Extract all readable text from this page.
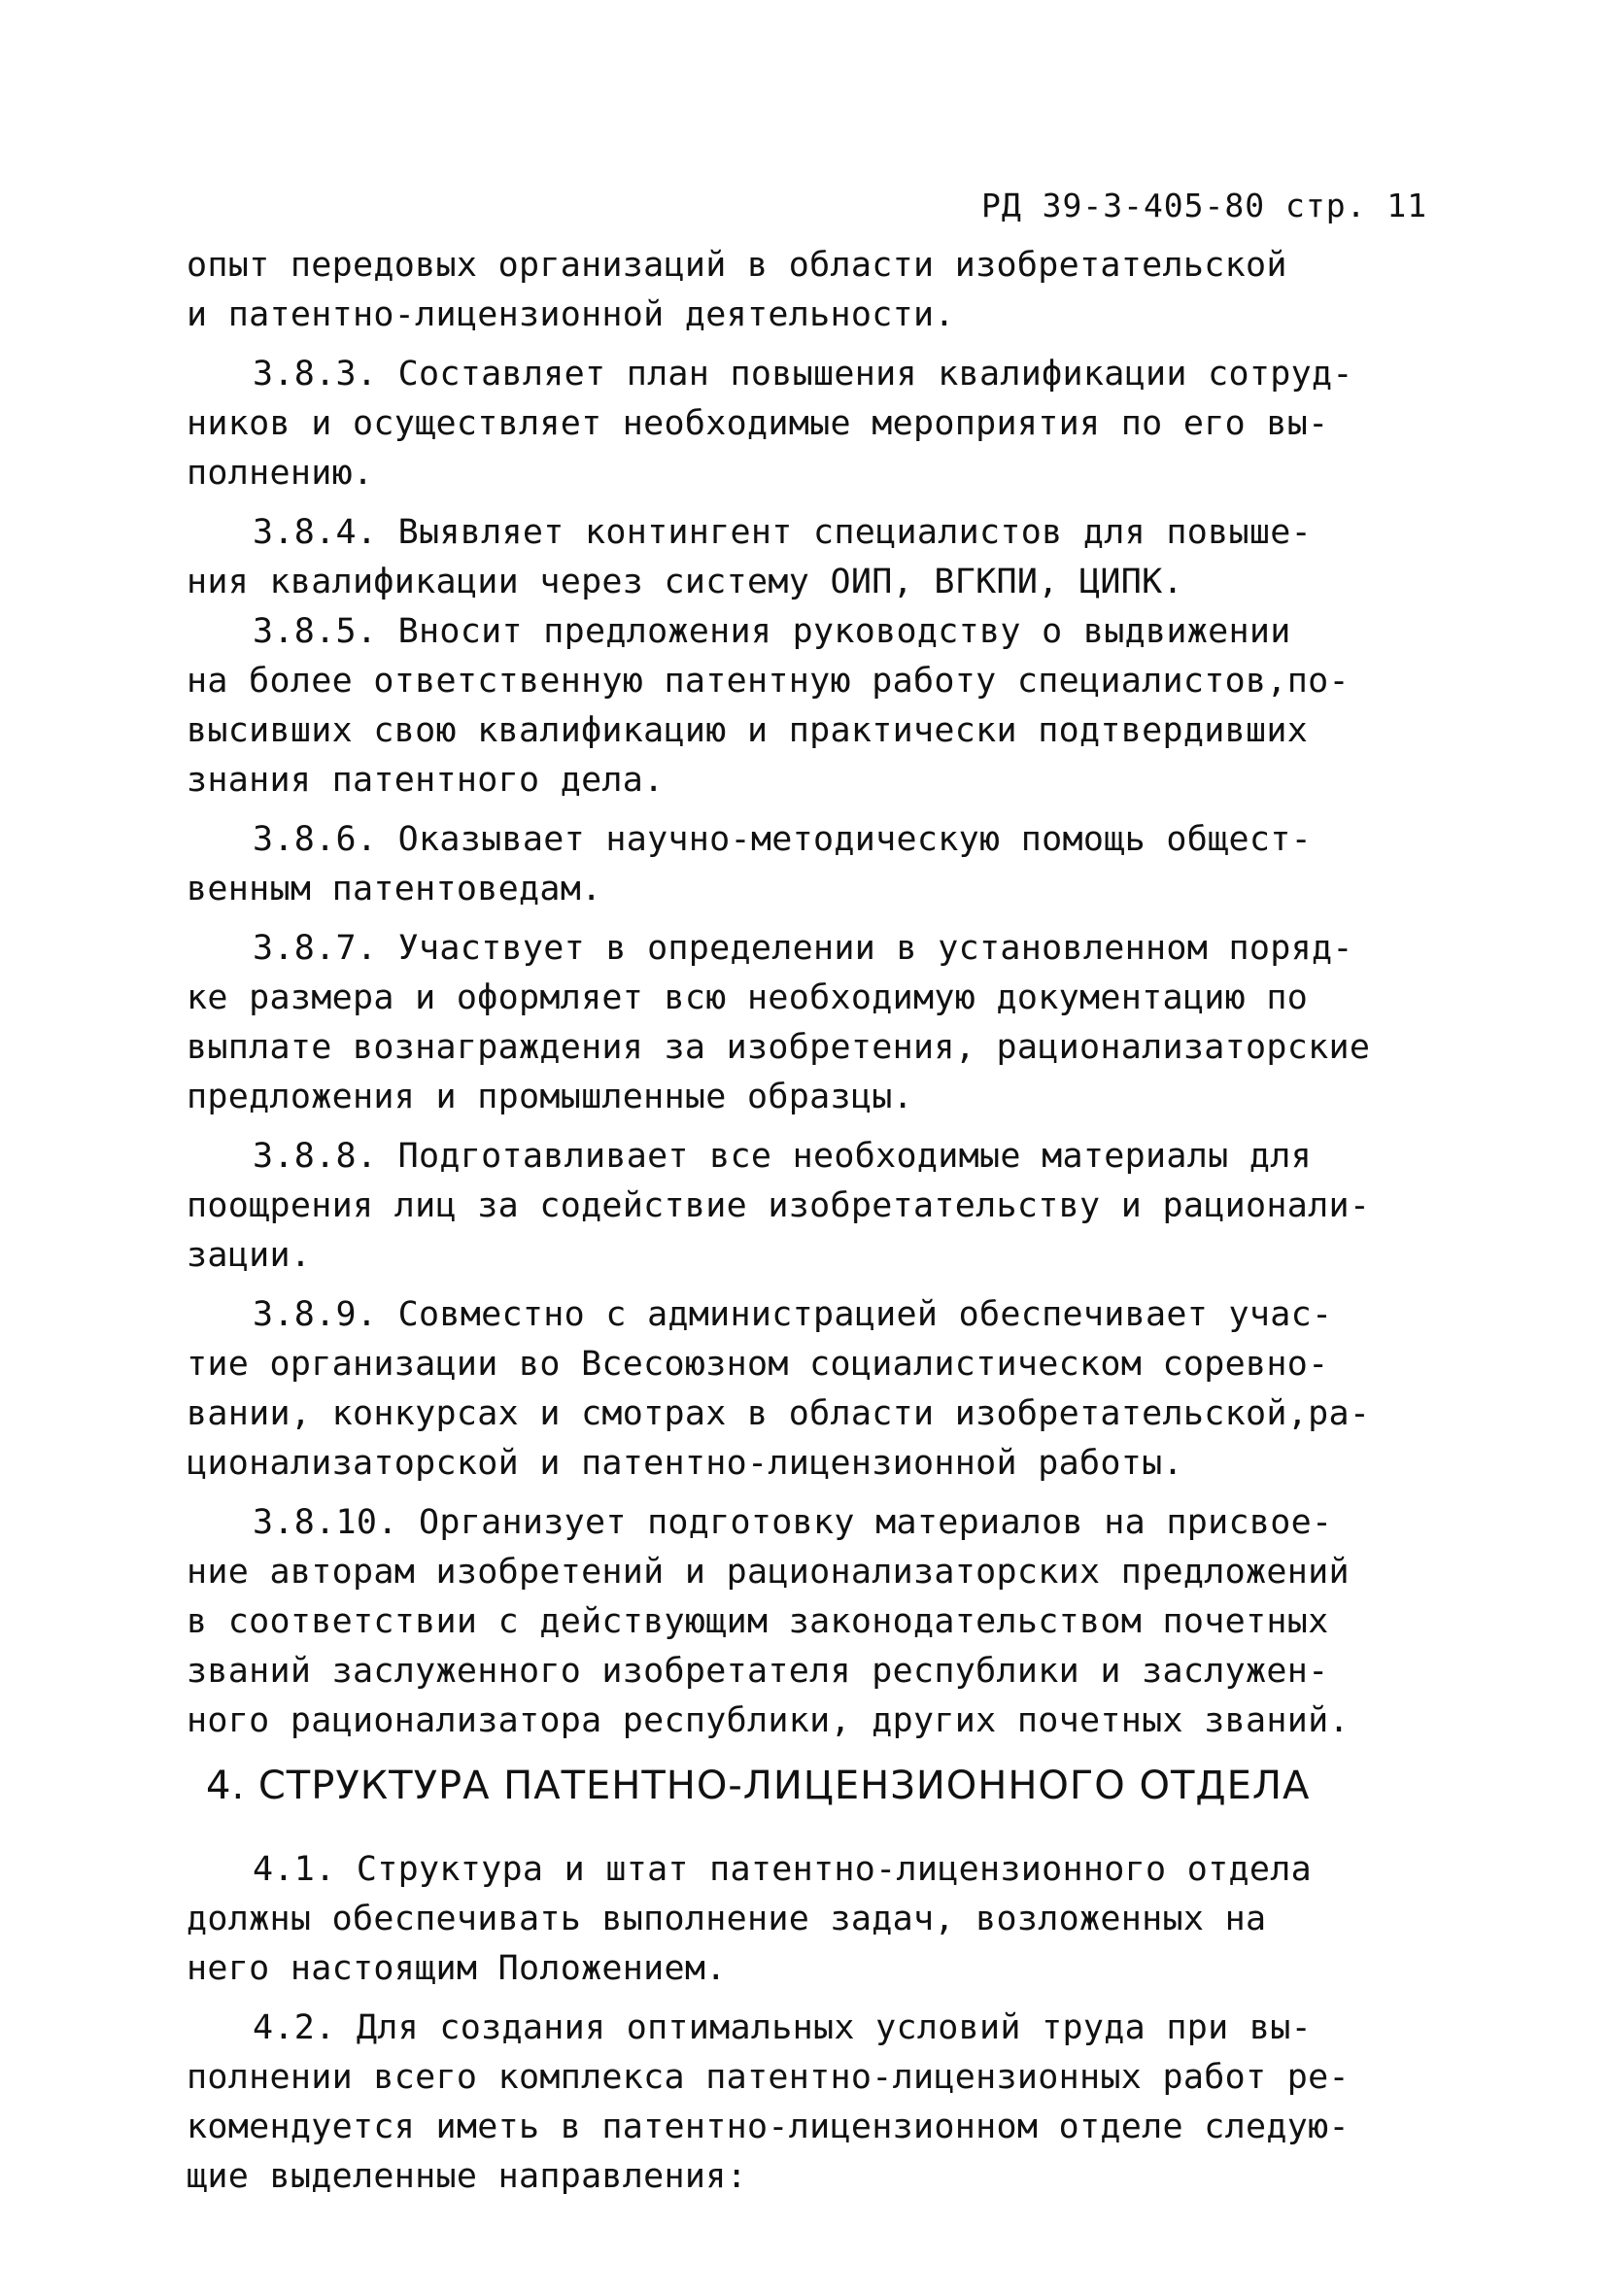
РД 39-3-405-80 стр. 11
опыт передовых организаций в области изобретательской
и патентно-лицензионной деятельности.
3.8.3. Составляет план повышения квалификации сотруд-
ников и осуществляет необходимые мероприятия по его вы-
полнению.
3.8.4. Выявляет контингент специалистов для повыше-
ния квалификации через систему ОИП, ВГКПИ, ЦИПК.
3.8.5. Вносит предложения руководству о выдвижении
на более ответственную патентную работу специалистов,по-
высивших свою квалификацию и практически подтвердивших
знания патентного дела.
3.8.6. Оказывает научно-методическую помощь общест-
венным патентоведам.
3.8.7. Участвует в определении в установленном поряд-
ке размера и оформляет всю необходимую документацию по
выплате вознаграждения за изобретения, рационализаторские
предложения и промышленные образцы.
3.8.8. Подготавливает все необходимые материалы для
поощрения лиц за содействие изобретательству и рационали-
зации.
3.8.9. Совместно с администрацией обеспечивает учас-
тие организации во Всесоюзном социалистическом соревно-
вании, конкурсах и смотрах в области изобретательской,ра-
ционализаторской и патентно-лицензионной работы.
3.8.10. Организует подготовку материалов на присвое-
ние авторам изобретений и рационализаторских предложений
в соответствии с действующим законодательством почетных
званий заслуженного изобретателя республики и заслужен-
ного рационализатора республики, других почетных званий.
4. СТРУКТУРА ПАТЕНТНО-ЛИЦЕНЗИОННОГО ОТДЕЛА
4.1. Структура и штат патентно-лицензионного отдела
должны обеспечивать выполнение задач, возложенных на
него настоящим Положением.
4.2. Для создания оптимальных условий труда при вы-
полнении всего комплекса патентно-лицензионных работ ре-
комендуется иметь в патентно-лицензионном отделе следую-
щие выделенные направления:
